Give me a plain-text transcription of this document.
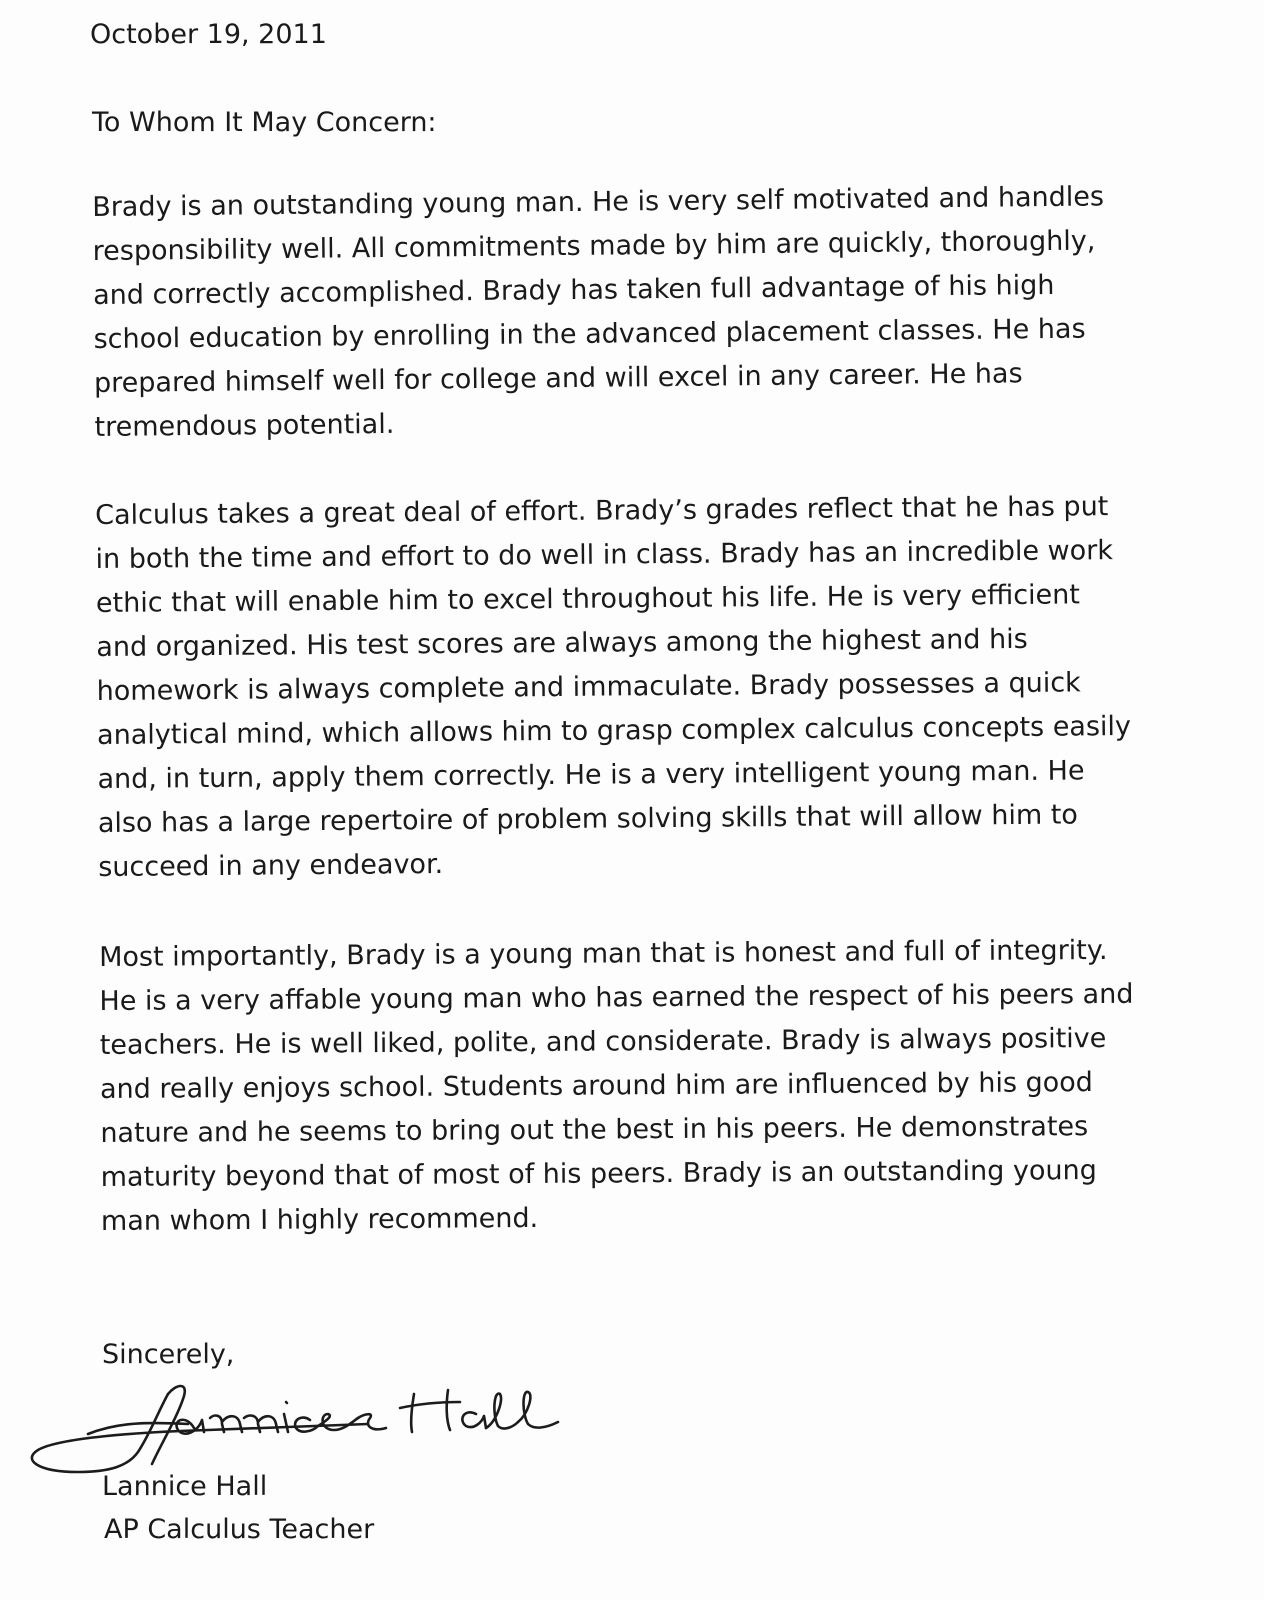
October 19, 2011
To Whom It May Concern:
Brady is an outstanding young man. He is very self motivated and handles
responsibility well. All commitments made by him are quickly, thoroughly,
and correctly accomplished. Brady has taken full advantage of his high
school education by enrolling in the advanced placement classes. He has
prepared himself well for college and will excel in any career. He has
tremendous potential.
Calculus takes a great deal of effort. Brady’s grades reflect that he has put
in both the time and effort to do well in class. Brady has an incredible work
ethic that will enable him to excel throughout his life. He is very efficient
and organized. His test scores are always among the highest and his
homework is always complete and immaculate. Brady possesses a quick
analytical mind, which allows him to grasp complex calculus concepts easily
and, in turn, apply them correctly. He is a very intelligent young man. He
also has a large repertoire of problem solving skills that will allow him to
succeed in any endeavor.
Most importantly, Brady is a young man that is honest and full of integrity.
He is a very affable young man who has earned the respect of his peers and
teachers. He is well liked, polite, and considerate. Brady is always positive
and really enjoys school. Students around him are influenced by his good
nature and he seems to bring out the best in his peers. He demonstrates
maturity beyond that of most of his peers. Brady is an outstanding young
man whom I highly recommend.
Sincerely,
Lannice Hall
AP Calculus Teacher
